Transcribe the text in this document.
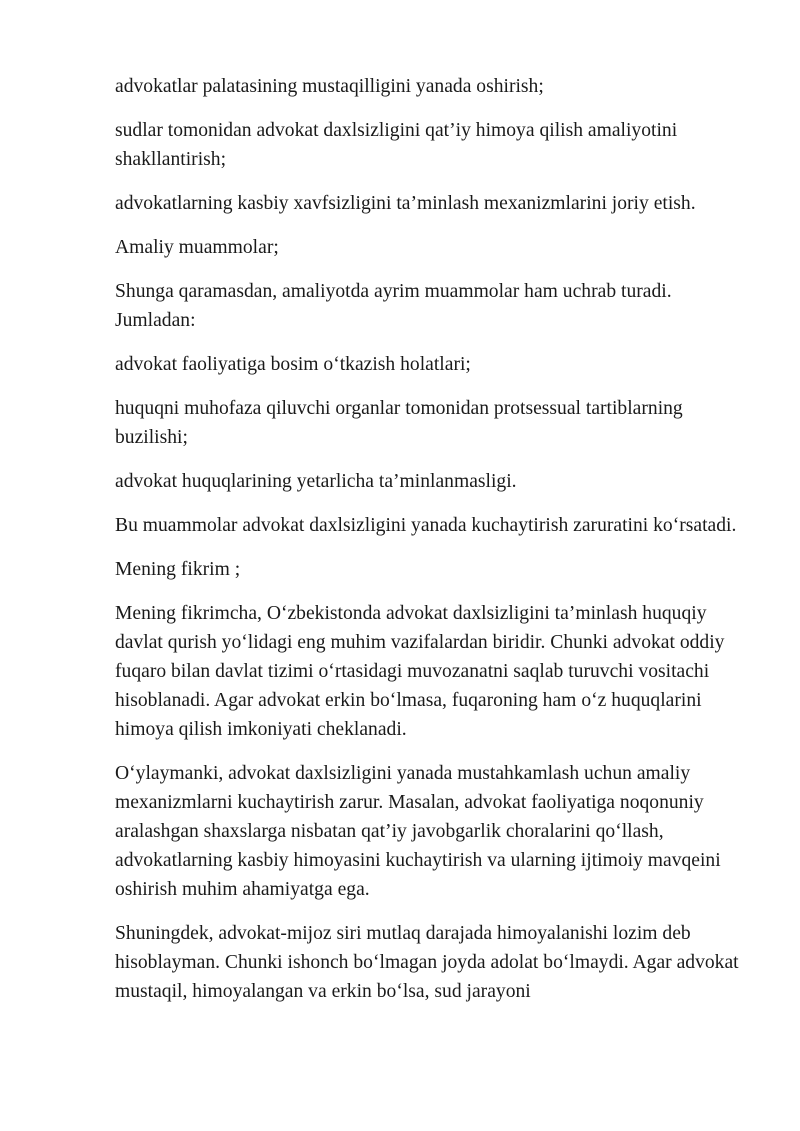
advokatlar palatasining mustaqilligini yanada oshirish;

sudlar tomonidan advokat daxlsizligini qat’iy himoya qilish amaliyotini shakllantirish;

advokatlarning kasbiy xavfsizligini ta’minlash mexanizmlarini joriy etish.

Amaliy muammolar;

Shunga qaramasdan, amaliyotda ayrim muammolar ham uchrab turadi. Jumladan:

advokat faoliyatiga bosim o‘tkazish holatlari;

huquqni muhofaza qiluvchi organlar tomonidan protsessual tartiblarning buzilishi;

advokat huquqlarining yetarlicha ta’minlanmasligi.

Bu muammolar advokat daxlsizligini yanada kuchaytirish zaruratini ko‘rsatadi.

Mening fikrim ;

Mening fikrimcha, O‘zbekistonda advokat daxlsizligini ta’minlash huquqiy davlat qurish yo‘lidagi eng muhim vazifalardan biridir. Chunki advokat oddiy fuqaro bilan davlat tizimi o‘rtasidagi muvozanatni saqlab turuvchi vositachi hisoblanadi. Agar advokat erkin bo‘lmasa, fuqaroning ham o‘z huquqlarini himoya qilish imkoniyati cheklanadi.

O‘ylaymanki, advokat daxlsizligini yanada mustahkamlash uchun amaliy mexanizmlarni kuchaytirish zarur. Masalan, advokat faoliyatiga noqonuniy aralashgan shaxslarga nisbatan qat’iy javobgarlik choralarini qo‘llash, advokatlarning kasbiy himoyasini kuchaytirish va ularning ijtimoiy mavqeini oshirish muhim ahamiyatga ega.

Shuningdek, advokat-mijoz siri mutlaq darajada himoyalanishi lozim deb hisoblayman. Chunki ishonch bo‘lmagan joyda adolat bo‘lmaydi. Agar advokat mustaqil, himoyalangan va erkin bo‘lsa, sud jarayoni
